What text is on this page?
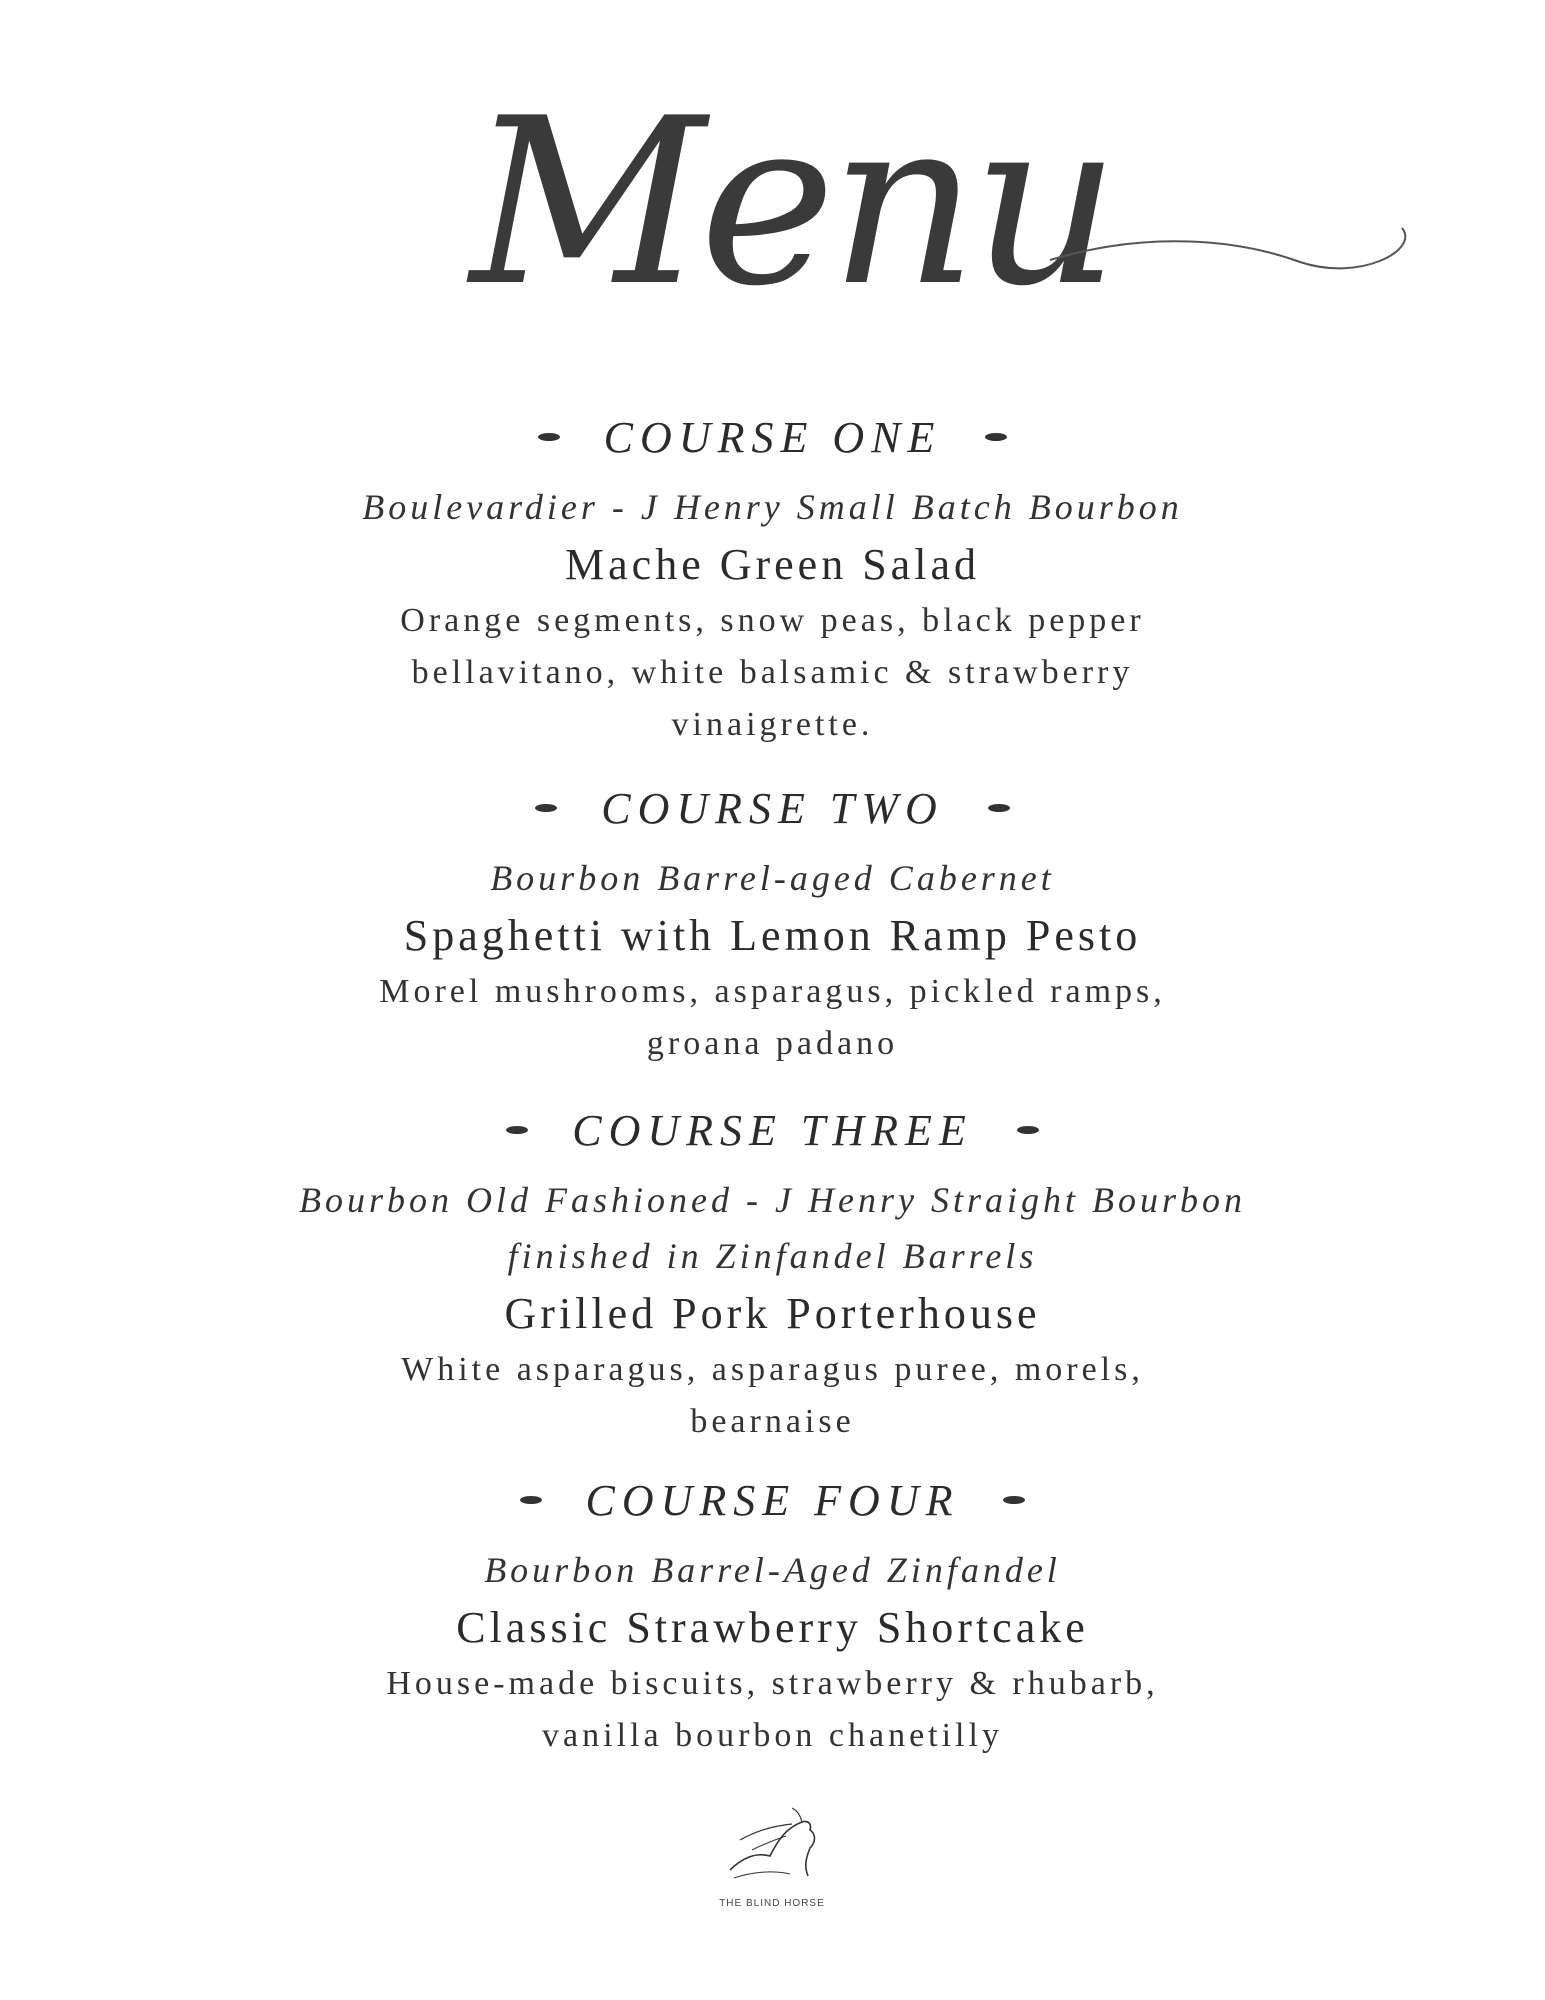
Menu
COURSE ONE
Boulevardier - J Henry Small Batch Bourbon
Mache Green Salad
Orange segments, snow peas, black pepper
bellavitano, white balsamic & strawberry
vinaigrette.
COURSE TWO
Bourbon Barrel-aged Cabernet
Spaghetti with Lemon Ramp Pesto
Morel mushrooms, asparagus, pickled ramps,
groana padano
COURSE THREE
Bourbon Old Fashioned - J Henry Straight Bourbon
finished in Zinfandel Barrels
Grilled Pork Porterhouse
White asparagus, asparagus puree, morels,
bearnaise
COURSE FOUR
Bourbon Barrel-Aged Zinfandel
Classic Strawberry Shortcake
House-made biscuits, strawberry & rhubarb,
vanilla bourbon chanetilly
THE BLIND HORSE
